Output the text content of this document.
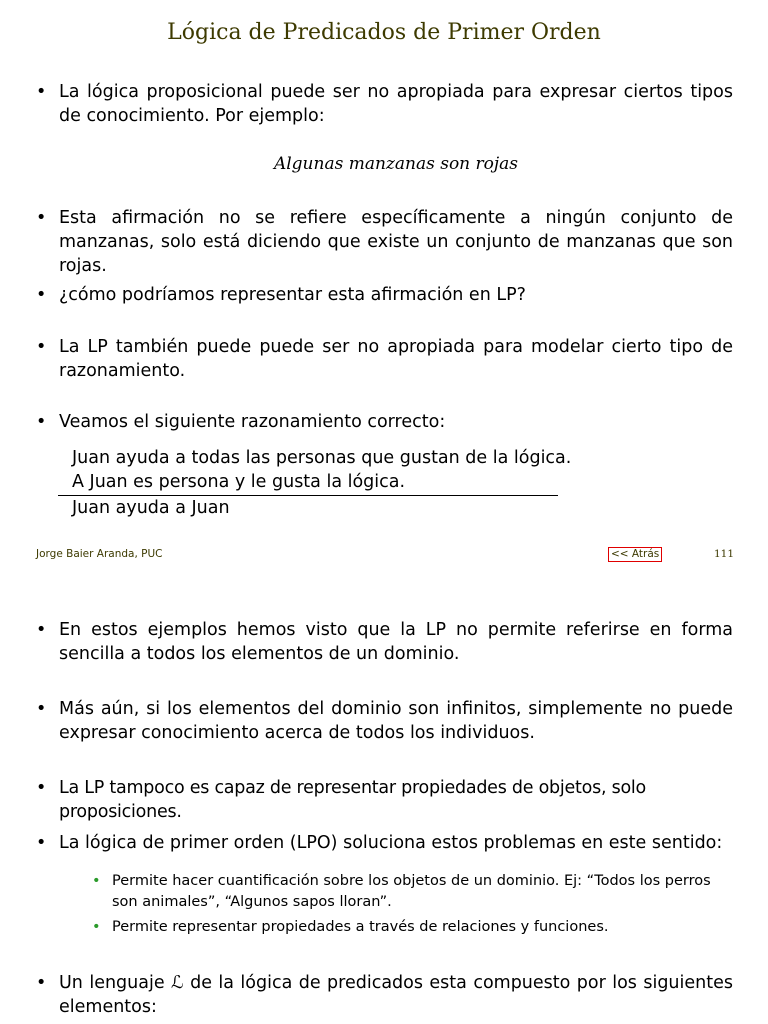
Lógica de Predicados de Primer Orden
• La lógica proposicional puede ser no apropiada para expresar ciertos tipos de conocimiento. Por ejemplo:
Algunas manzanas son rojas
• Esta afirmación no se refiere específicamente a ningún conjunto de manzanas, solo está diciendo que existe un conjunto de manzanas que son rojas.
• ¿cómo podríamos representar esta afirmación en LP?
• La LP también puede puede ser no apropiada para modelar cierto tipo de razonamiento.
• Veamos el siguiente razonamiento correcto:
Juan ayuda a todas las personas que gustan de la lógica.
A Juan es persona y le gusta la lógica.
Juan ayuda a Juan
Jorge Baier Aranda, PUC	<< Atrás	111
• En estos ejemplos hemos visto que la LP no permite referirse en forma sencilla a todos los elementos de un dominio.
• Más aún, si los elementos del dominio son infinitos, simplemente no puede expresar conocimiento acerca de todos los individuos.
• La LP tampoco es capaz de representar propiedades de objetos, solo proposiciones.
• La lógica de primer orden (LPO) soluciona estos problemas en este sentido:
• Permite hacer cuantificación sobre los objetos de un dominio. Ej: “Todos los perros son animales”, “Algunos sapos lloran”.
• Permite representar propiedades a través de relaciones y funciones.
• Un lenguaje ℒ de la lógica de predicados esta compuesto por los siguientes elementos:
